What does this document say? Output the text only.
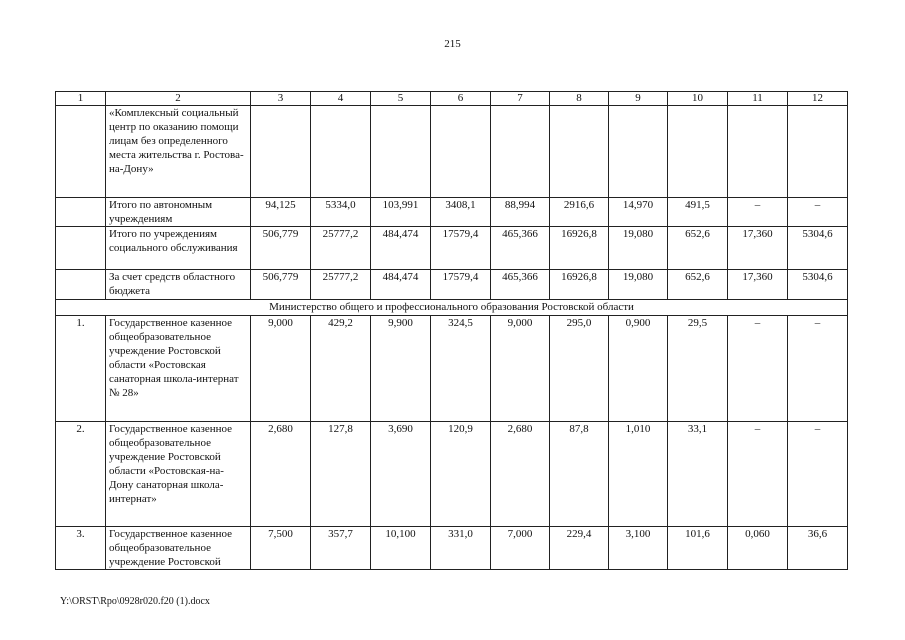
215
1	2	3	4	5	6	7	8	9	10	11	12
	«Комплексный социальный центр по оказанию помощи лицам без определенного места жительства г. Ростова-на-Дону»										
	Итого по автономным учреждениям	94,125	5334,0	103,991	3408,1	88,994	2916,6	14,970	491,5	–	–
	Итого по учреждениям социального обслуживания	506,779	25777,2	484,474	17579,4	465,366	16926,8	19,080	652,6	17,360	5304,6
	За счет средств областного бюджета	506,779	25777,2	484,474	17579,4	465,366	16926,8	19,080	652,6	17,360	5304,6
Министерство общего и профессионального образования Ростовской области											
1.	Государственное казенное общеобразовательное учреждение Ростовской области «Ростовская санаторная школа-интернат № 28»	9,000	429,2	9,900	324,5	9,000	295,0	0,900	29,5	–	–
2.	Государственное казенное общеобразовательное учреждение Ростовской области «Ростовская-на-Дону санаторная школа-интернат»	2,680	127,8	3,690	120,9	2,680	87,8	1,010	33,1	–	–
3.	Государственное казенное общеобразовательное учреждение Ростовской	7,500	357,7	10,100	331,0	7,000	229,4	3,100	101,6	0,060	36,6
Y:\ORST\Rpo\0928r020.f20 (1).docx
